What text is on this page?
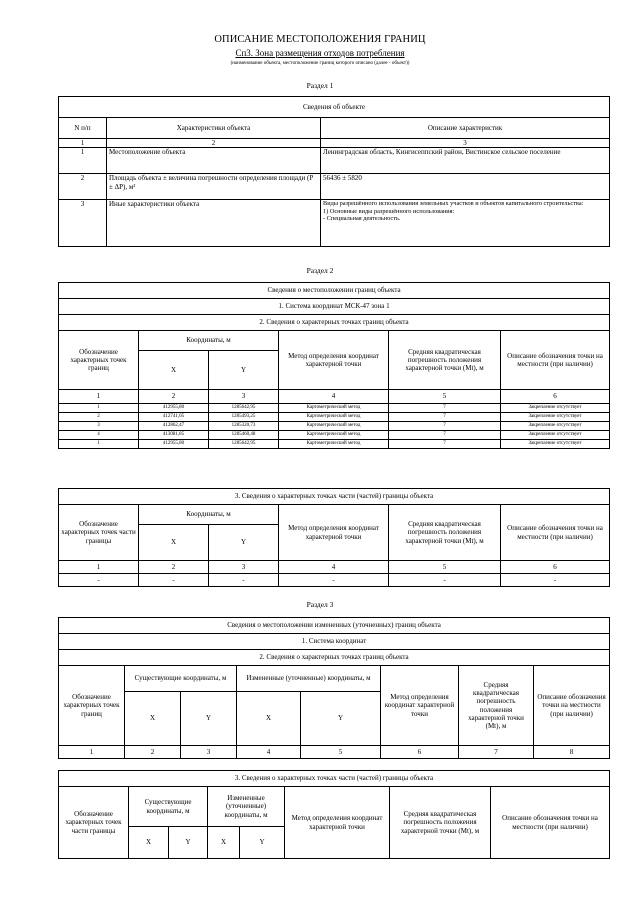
ОПИСАНИЕ МЕСТОПОЛОЖЕНИЯ ГРАНИЦ
Сп3. Зона размещения отходов потребления
(наименование объекта, местоположение границ которого описано (далее - объект))
Раздел 1
Сведения об объекте		
N п/п	Характеристики объекта	Описание характеристик
1	2	3
1	Местоположение объекта	Ленинградская область, Кингисеппский район, Вистинское сельское поселение
2	Площадь объекта ± величина погрешности определения площади (P ± ΔP), м²	56436 ± 5820
3	Иные характеристики объекта	Виды разрешённого использования земельных участков и объектов капитального строительства:
1) Основные виды разрешённого использования:
- Специальная деятельность.
Раздел 2
Сведения о местоположении границ объекта					
1. Система координат МСК-47 зона 1					
2. Сведения о характерных точках границ объекта					
Обозначение характерных точек границ	Координаты, м		Метод определения координат характерной точки	Средняя квадратическая погрешность положения характерной точки (Mt), м	Описание обозначения точки на местности (при наличии)
	X	Y			
1	2	3	4	5	6
1	412955,80	1285642,95	Картометрический метод	7	Закрепление отсутствует
2	412741,05	1285493,25	Картометрический метод	7	Закрепление отсутствует
3	412862,47	1285320,73	Картометрический метод	7	Закрепление отсутствует
4	413081,85	1285460,48	Картометрический метод	7	Закрепление отсутствует
1	412955,80	1285642,95	Картометрический метод	7	Закрепление отсутствует
3. Сведения о характерных точках части (частей) границы объекта					
Обозначение характерных точек части границы	Координаты, м		Метод определения координат характерной точки	Средняя квадратическая погрешность положения характерной точки (Mt), м	Описание обозначения точки на местности (при наличии)
	X	Y			
1	2	3	4	5	6
-	-	-	-	-	-
Раздел 3
Сведения о местоположении измененных (уточненных) границ объекта							
1. Система координат							
2. Сведения о характерных точках границ объекта							
Обозначение характерных точек границ	Существующие координаты, м		Измененные (уточненные) координаты, м		Метод определения координат характерной точки	Средняя квадратическая погрешность положения характерной точки (Mt), м	Описание обозначения точки на местности (при наличии)
	X	Y	X	Y			
1	2	3	4	5	6	7	8
3. Сведения о характерных точках части (частей) границы объекта							
Обозначение характерных точек части границы	Существующие координаты, м		Измененные (уточненные) координаты, м		Метод определения координат характерной точки	Средняя квадратическая погрешность положения характерной точки (Mt), м	Описание обозначения точки на местности (при наличии)
	X	Y	X	Y			
